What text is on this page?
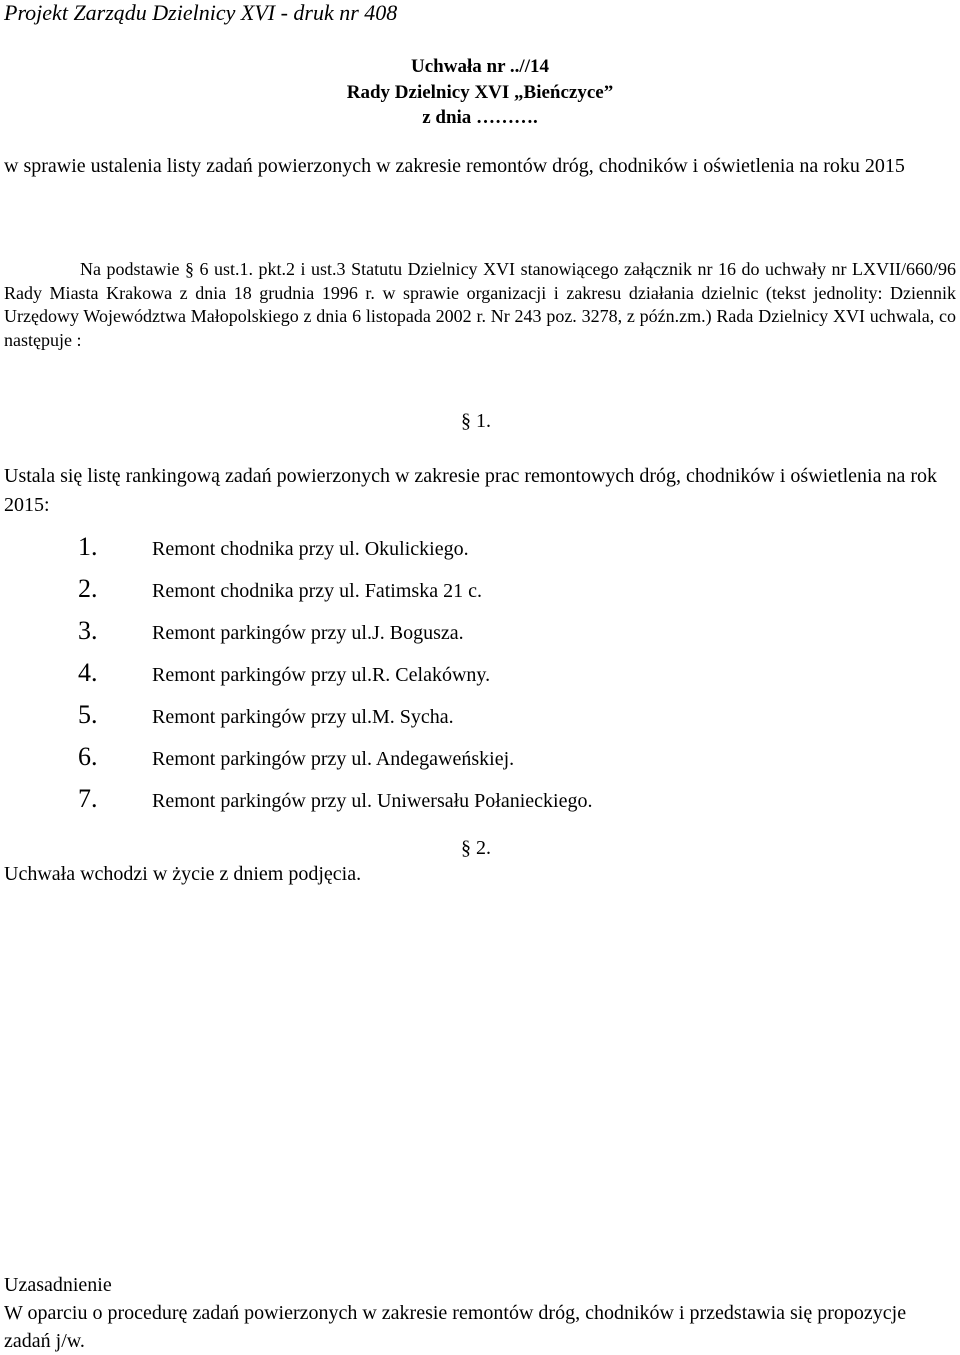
Projekt Zarządu Dzielnicy XVI - druk nr 408
Uchwała nr ..//14
Rady Dzielnicy XVI „Bieńczyce”
z dnia ……….
w sprawie ustalenia listy zadań powierzonych w zakresie remontów dróg, chodników i oświetlenia na roku 2015
Na podstawie § 6 ust.1. pkt.2 i ust.3 Statutu Dzielnicy XVI stanowiącego załącznik nr 16 do uchwały nr LXVII/660/96 Rady Miasta Krakowa z dnia 18 grudnia 1996 r. w sprawie organizacji i zakresu działania dzielnic (tekst jednolity: Dziennik Urzędowy Województwa Małopolskiego z dnia 6 listopada 2002 r. Nr 243 poz. 3278, z późn.zm.) Rada Dzielnicy XVI uchwala, co następuje :
§ 1.
Ustala się listę rankingową zadań powierzonych w zakresie prac remontowych dróg, chodników i oświetlenia na rok 2015:
1.	Remont chodnika przy ul. Okulickiego.
2.	Remont chodnika przy ul. Fatimska 21 c.
3.	Remont parkingów przy ul.J. Bogusza.
4.	Remont parkingów przy ul.R. Celakówny.
5.	Remont parkingów przy ul.M. Sycha.
6.	Remont parkingów przy ul. Andegaweńskiej.
7.	Remont parkingów przy ul. Uniwersału Połanieckiego.
§ 2.
Uchwała wchodzi w życie z dniem podjęcia.
Uzasadnienie
W oparciu o procedurę zadań powierzonych w zakresie remontów dróg, chodników i przedstawia się propozycje zadań j/w.
